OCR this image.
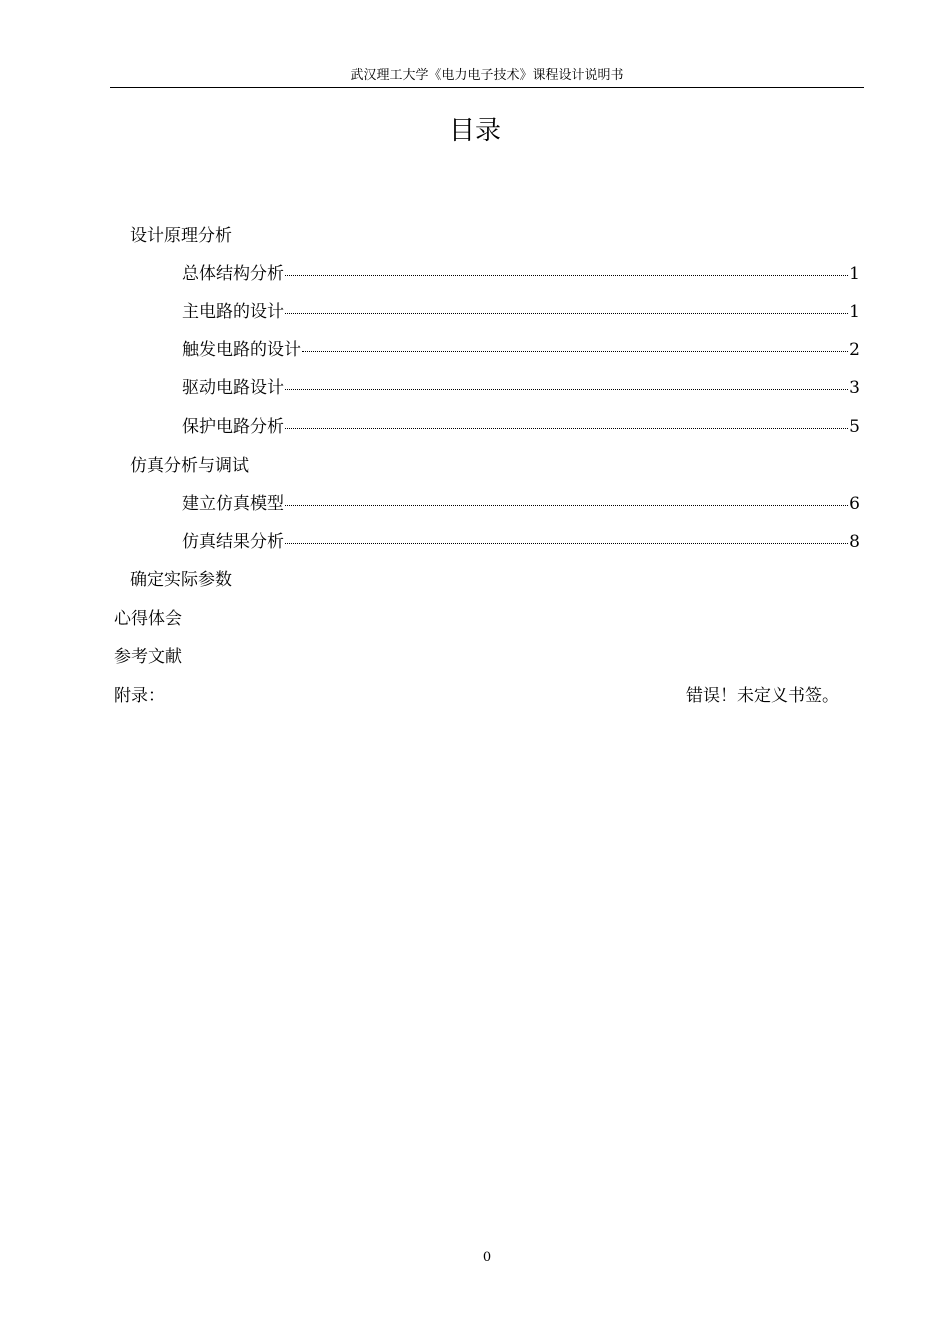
武汉理工大学《电力电子技术》课程设计说明书
目录
设计原理分析
总体结构分析	1
主电路的设计	1
触发电路的设计	2
驱动电路设计	3
保护电路分析	5
仿真分析与调试
建立仿真模型	6
仿真结果分析	8
确定实际参数
心得体会
参考文献
附录：	错误！未定义书签。
0
